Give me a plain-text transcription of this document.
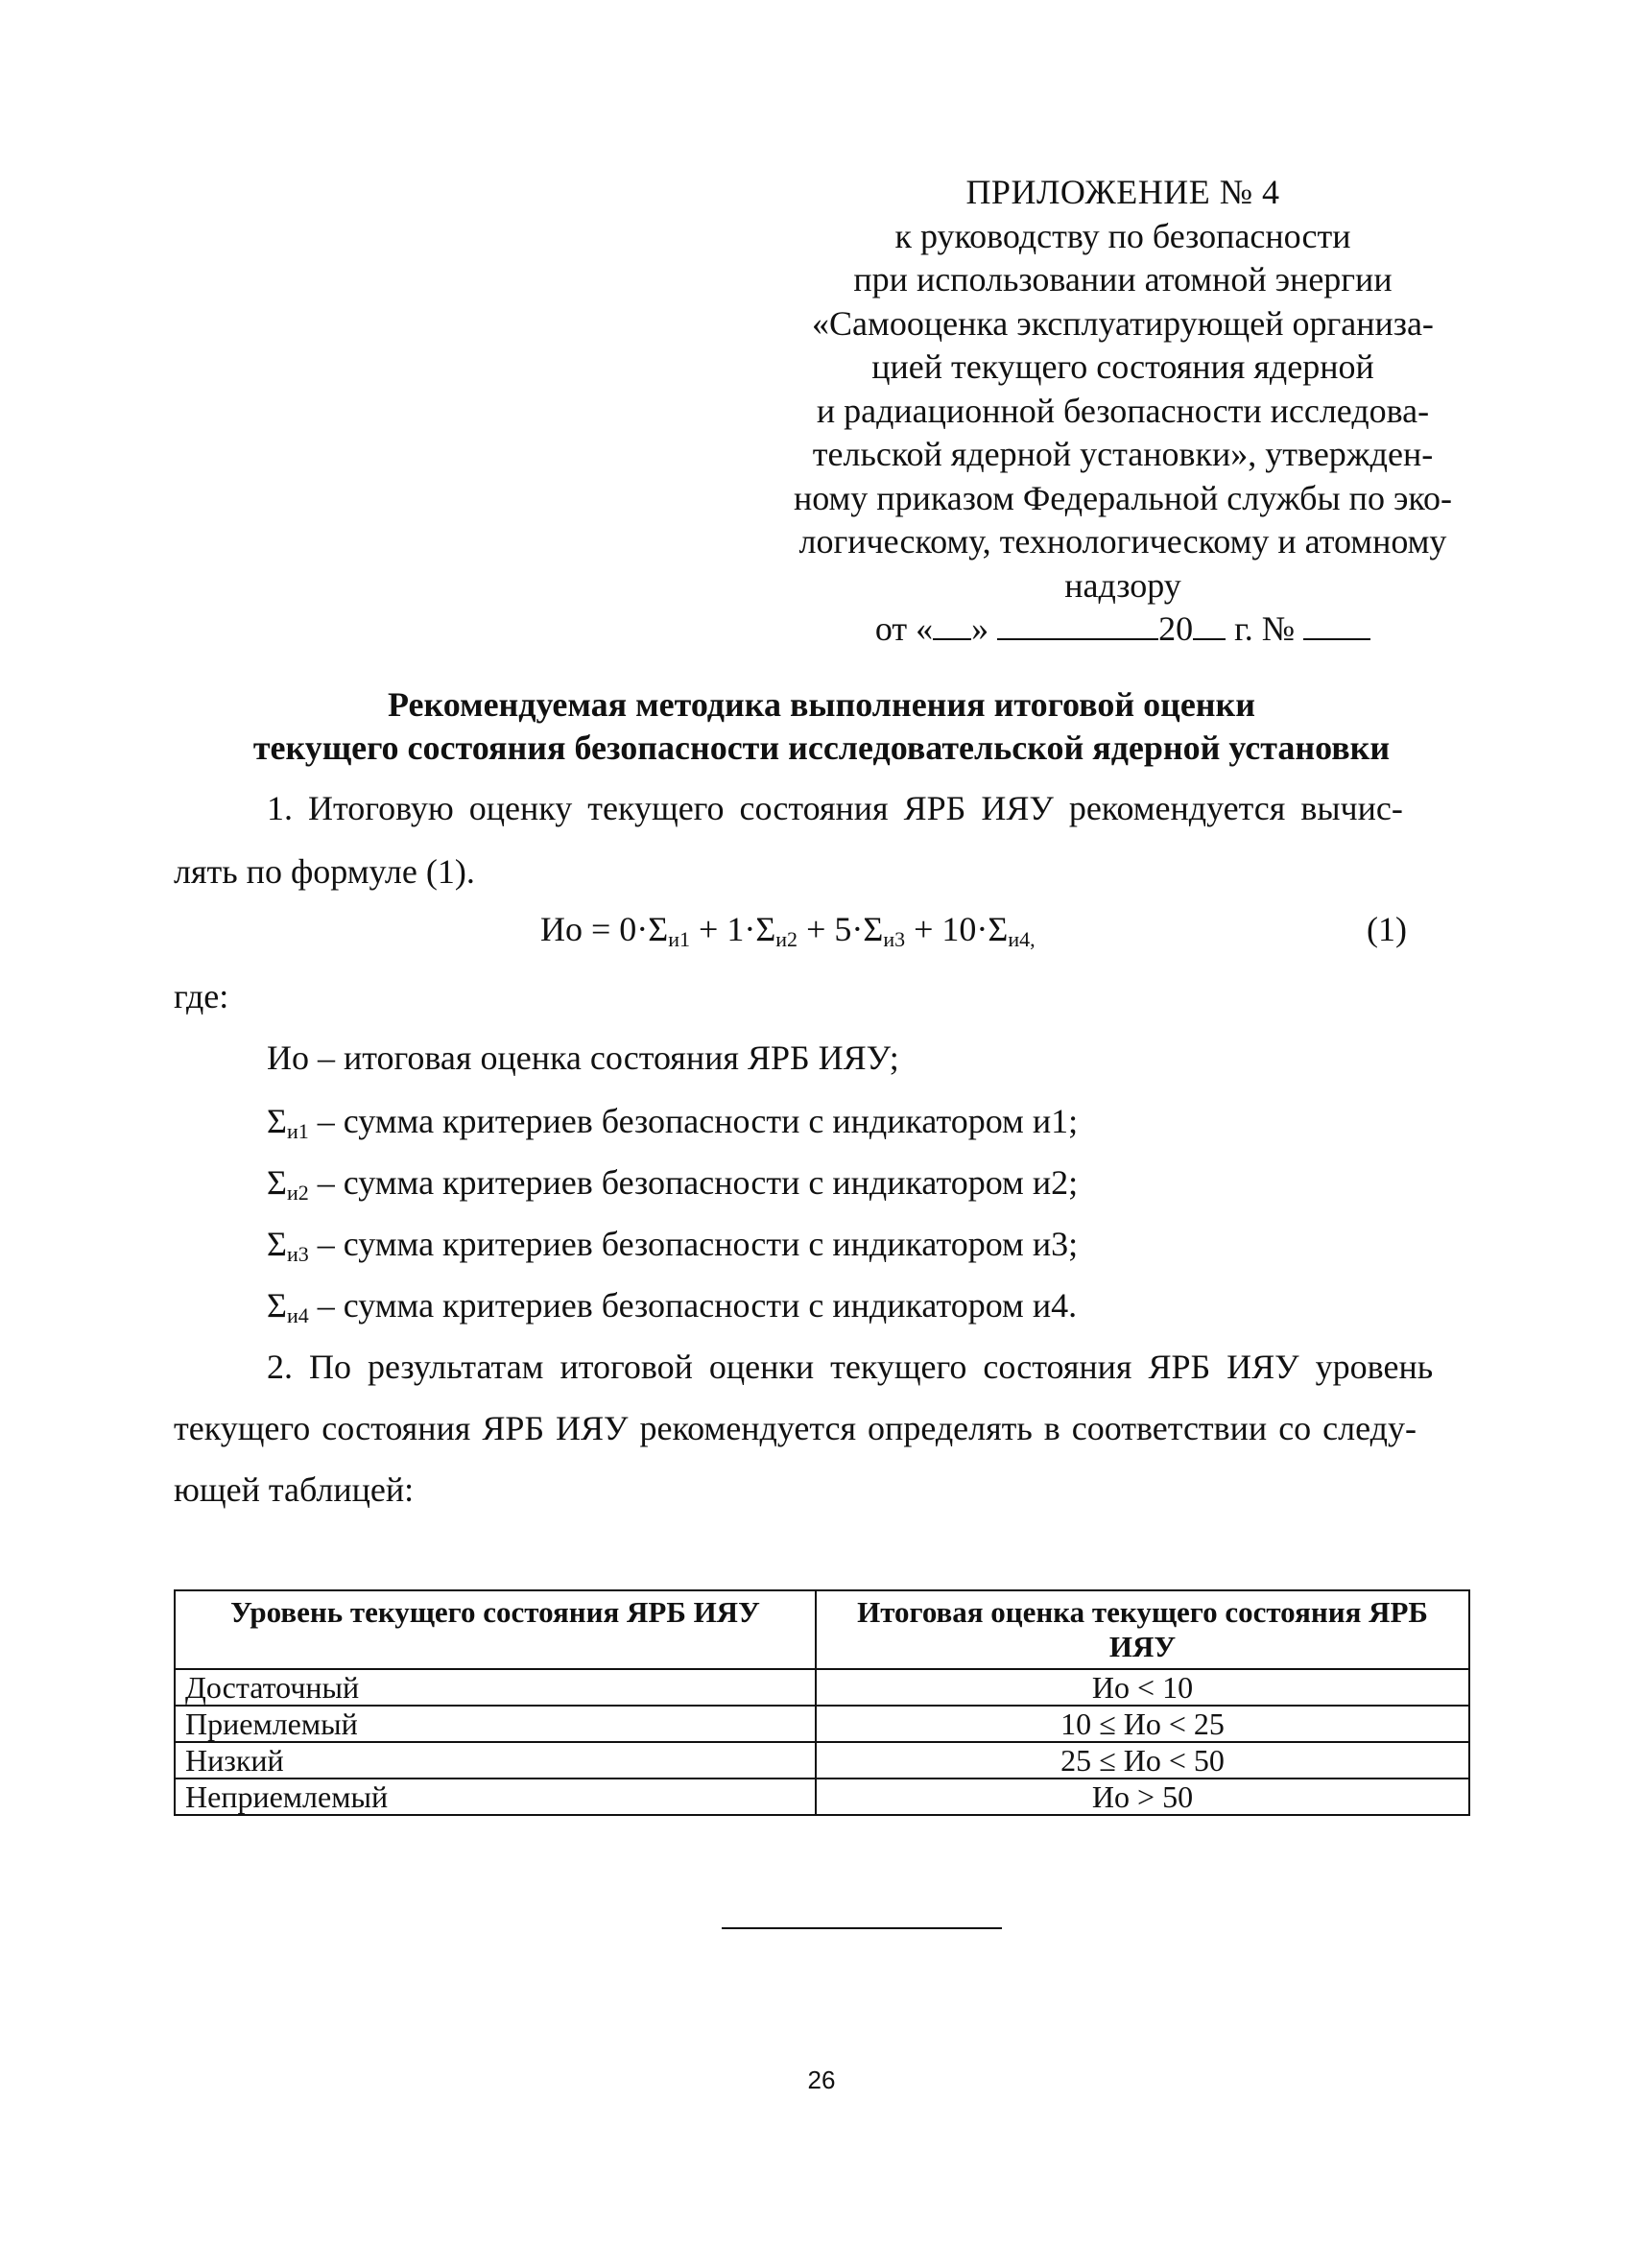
ПРИЛОЖЕНИЕ № 4
к руководству по безопасности
при использовании атомной энергии
«Самооценка эксплуатирующей организа-
цией текущего состояния ядерной
и радиационной безопасности исследова-
тельской ядерной установки», утвержден-
ному приказом Федеральной службы по эко-
логическому, технологическому и атомному
надзору
от « »	20 г. №
Рекомендуемая методика выполнения итоговой оценки
текущего состояния безопасности исследовательской ядерной установки
1. Итоговую оценку текущего состояния ЯРБ ИЯУ рекомендуется вычис-
лять по формуле (1).
Ио = $0\cdot\Sigma_{и1} + 1\cdot\Sigma_{и2} + 5\cdot\Sigma_{и3} + 10\cdot\Sigma_{и4,}$	(1)
где:
Ио – итоговая оценка состояния ЯРБ ИЯУ;
$\Sigma_{и1}$ – сумма критериев безопасности с индикатором и1;
$\Sigma_{и2}$ – сумма критериев безопасности с индикатором и2;
$\Sigma_{и3}$ – сумма критериев безопасности с индикатором и3;
$\Sigma_{и4}$ – сумма критериев безопасности с индикатором и4.
2. По результатам итоговой оценки текущего состояния ЯРБ ИЯУ уровень
текущего состояния ЯРБ ИЯУ рекомендуется определять в соответствии со следу-
ющей таблицей:
Уровень текущего состояния ЯРБ ИЯУ	Итоговая оценка текущего состояния ЯРБ ИЯУ
Достаточный	Ио < 10
Приемлемый	10 ≤ Ио < 25
Низкий	25 ≤ Ио < 50
Неприемлемый	Ио > 50
26
